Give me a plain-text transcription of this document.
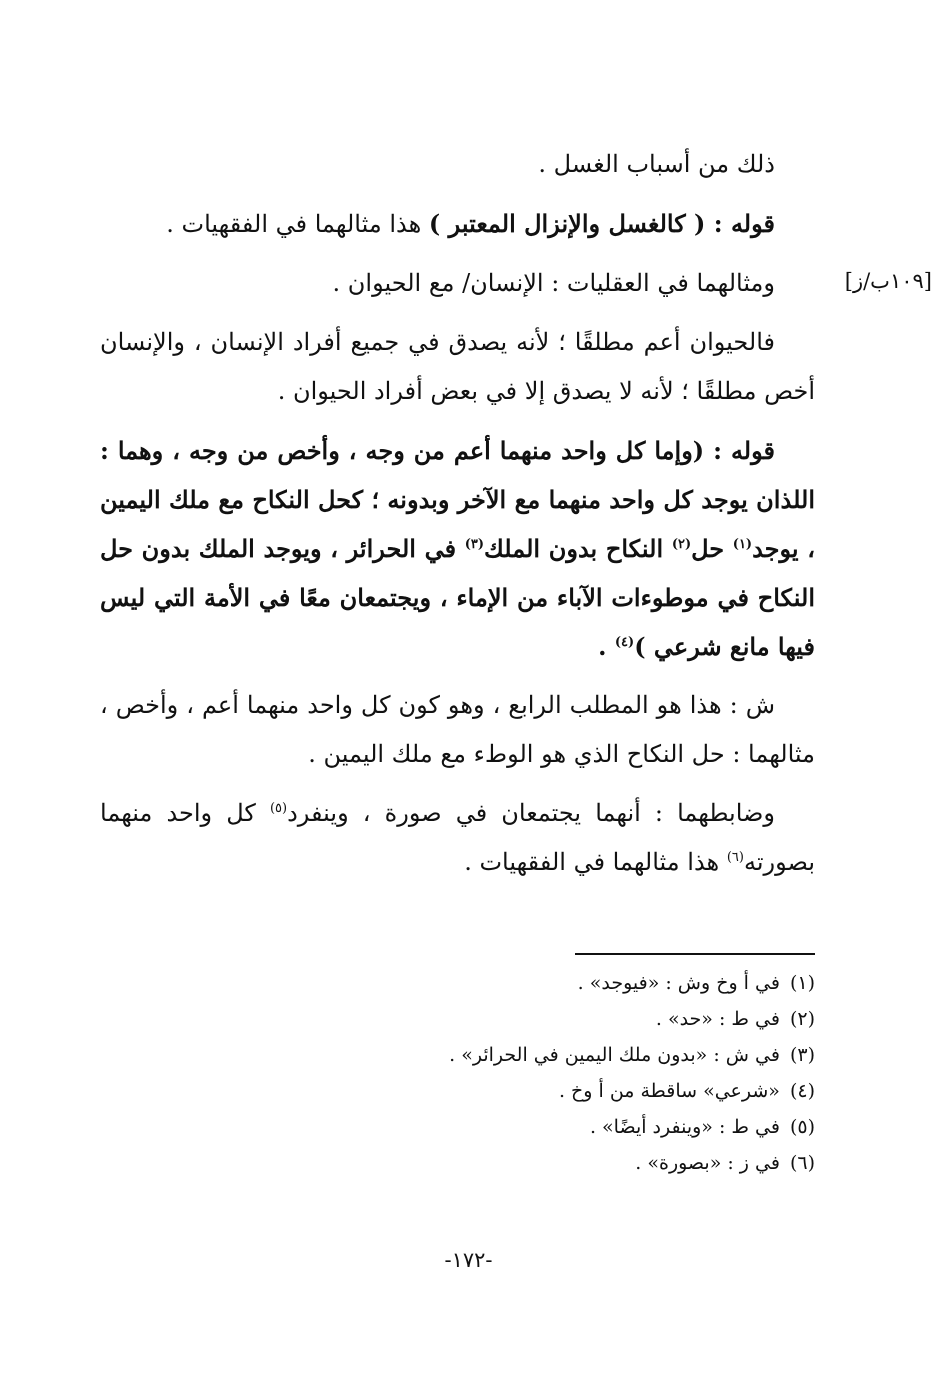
[١٠٩ب/ز]

ذلك من أسباب الغسل .

قوله : ( كالغسل والإنزال المعتبر ) هذا مثالهما في الفقهيات .

ومثالهما في العقليات : الإنسان/ مع الحيوان .

فالحيوان أعم مطلقًا ؛ لأنه يصدق في جميع أفراد الإنسان ، والإنسان أخص مطلقًا ؛ لأنه لا يصدق إلا في بعض أفراد الحيوان .

قوله : (وإما كل واحد منهما أعم من وجه ، وأخص من وجه ، وهما : اللذان يوجد كل واحد منهما مع الآخر وبدونه ؛ كحل النكاح مع ملك اليمين ، يوجد$^{(١)}$ حل$^{(٢)}$ النكاح بدون الملك$^{(٣)}$ في الحرائر ، ويوجد الملك بدون حل النكاح في موطوءات الآباء من الإماء ، ويجتمعان معًا في الأمة التي ليس فيها مانع شرعي )$^{(٤)}$ .

ش : هذا هو المطلب الرابع ، وهو كون كل واحد منهما أعم ، وأخص ، مثالهما : حل النكاح الذي هو الوطء مع ملك اليمين .

وضابطهما : أنهما يجتمعان في صورة ، وينفرد$^{(٥)}$ كل واحد منهما بصورته$^{(٦)}$ هذا مثالهما في الفقهيات .

(١)في أ وخ وش : «فيوجد» .

(٢)في ط : «حد» .

(٣)في ش : «بدون ملك اليمين في الحرائر» .

(٤)«شرعي» ساقطة من أ وخ .

(٥)في ط : «وينفرد أيضًا» .

(٦)في ز : «بصورة» .

-١٧٢-
